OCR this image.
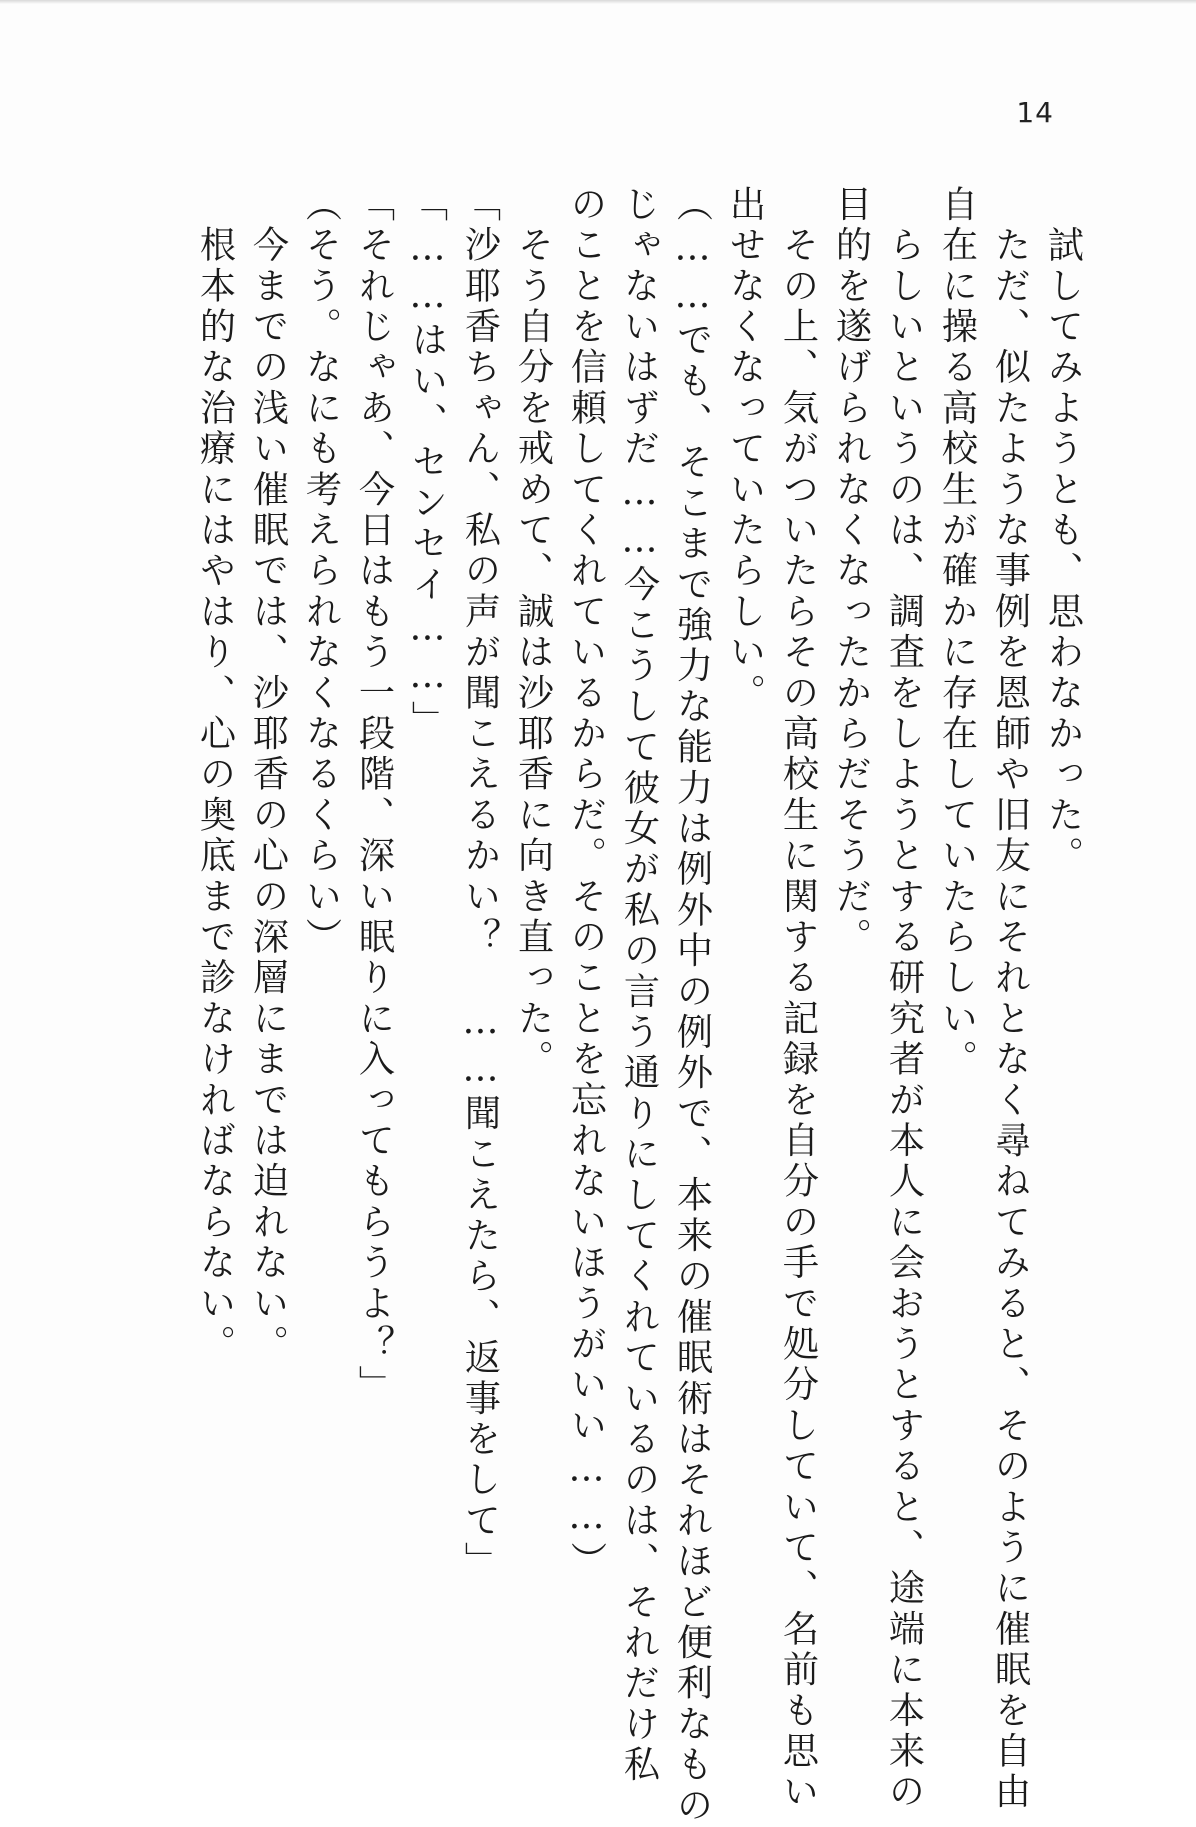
14
　試してみようとも、思わなかった。
　ただ、似たような事例を恩師や旧友にそれとなく尋ねてみると、そのように催眠を自由
自在に操る高校生が確かに存在していたらしい。
　らしいというのは、調査をしようとする研究者が本人に会おうとすると、途端に本来の
目的を遂げられなくなったからだそうだ。
　その上、気がついたらその高校生に関する記録を自分の手で処分していて、名前も思い
出せなくなっていたらしい。
（……でも、そこまで強力な能力は例外中の例外で、本来の催眠術はそれほど便利なもの
じゃないはずだ……今こうして彼女が私の言う通りにしてくれているのは、それだけ私
のことを信頼してくれているからだ。そのことを忘れないほうがいい……）
　そう自分を戒めて、誠は沙耶香に向き直った。
「沙耶香ちゃん、私の声が聞こえるかい？　……聞こえたら、返事をして」
「……はい、センセイ……」
「それじゃあ、今日はもう一段階、深い眠りに入ってもらうよ？」
（そう。なにも考えられなくなるくらい）
　今までの浅い催眠では、沙耶香の心の深層にまでは迫れない。
　根本的な治療にはやはり、心の奥底まで診なければならない。
